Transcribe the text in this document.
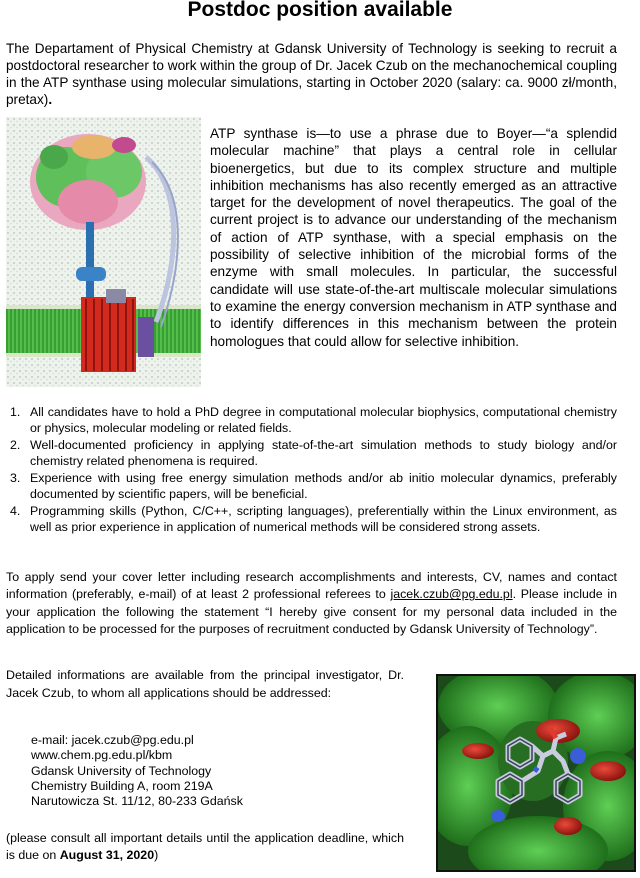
Postdoc position available
The Departament of Physical Chemistry at Gdansk University of Technology is seeking to recruit a postdoctoral researcher to work within the group of Dr. Jacek Czub on the mechanochemical coupling in the ATP synthase using molecular simulations, starting in October 2020 (salary: ca. 9000 zł/month, pretax).
ATP synthase is—to use a phrase due to Boyer—“a splendid molecular machine” that plays a central role in cellular bioenergetics, but due to its complex structure and multiple inhibition mechanisms has also recently emerged as an attractive target for the development of novel therapeutics. The goal of the current project is to advance our understanding of the mechanism of action of ATP synthase, with a special emphasis on the possibility of selective inhibition of the microbial forms of the enzyme with small molecules. In particular, the successful candidate will use state-of-the-art multiscale molecular simulations to examine the energy conversion mechanism in ATP synthase and to identify differences in this mechanism between the protein homologues that could allow for selective inhibition.
1. All candidates have to hold a PhD degree in computational molecular biophysics, computational chemistry or physics, molecular modeling or related fields.
2. Well-documented proficiency in applying state-of-the-art simulation methods to study biology and/or chemistry related phenomena is required.
3. Experience with using free energy simulation methods and/or ab initio molecular dynamics, preferably documented by scientific papers, will be beneficial.
4. Programming skills (Python, C/C++, scripting languages), preferentially within the Linux environment, as well as prior experience in application of numerical methods will be considered strong assets.
To apply send your cover letter including research accomplishments and interests, CV, names and contact information (preferably, e-mail) of at least 2 professional referees to jacek.czub@pg.edu.pl. Please include in your application the following the statement “I hereby give consent for my personal data included in the application to be processed for the purposes of recruitment conducted by Gdansk University of Technology”.
Detailed informations are available from the principal investigator, Dr. Jacek Czub, to whom all applications should be addressed:
e-mail: jacek.czub@pg.edu.pl
www.chem.pg.edu.pl/kbm
Gdansk University of Technology
Chemistry Building A, room 219A
Narutowicza St. 11/12, 80-233 Gdańsk
(please consult all important details until the application deadline, which is due on August 31, 2020)
